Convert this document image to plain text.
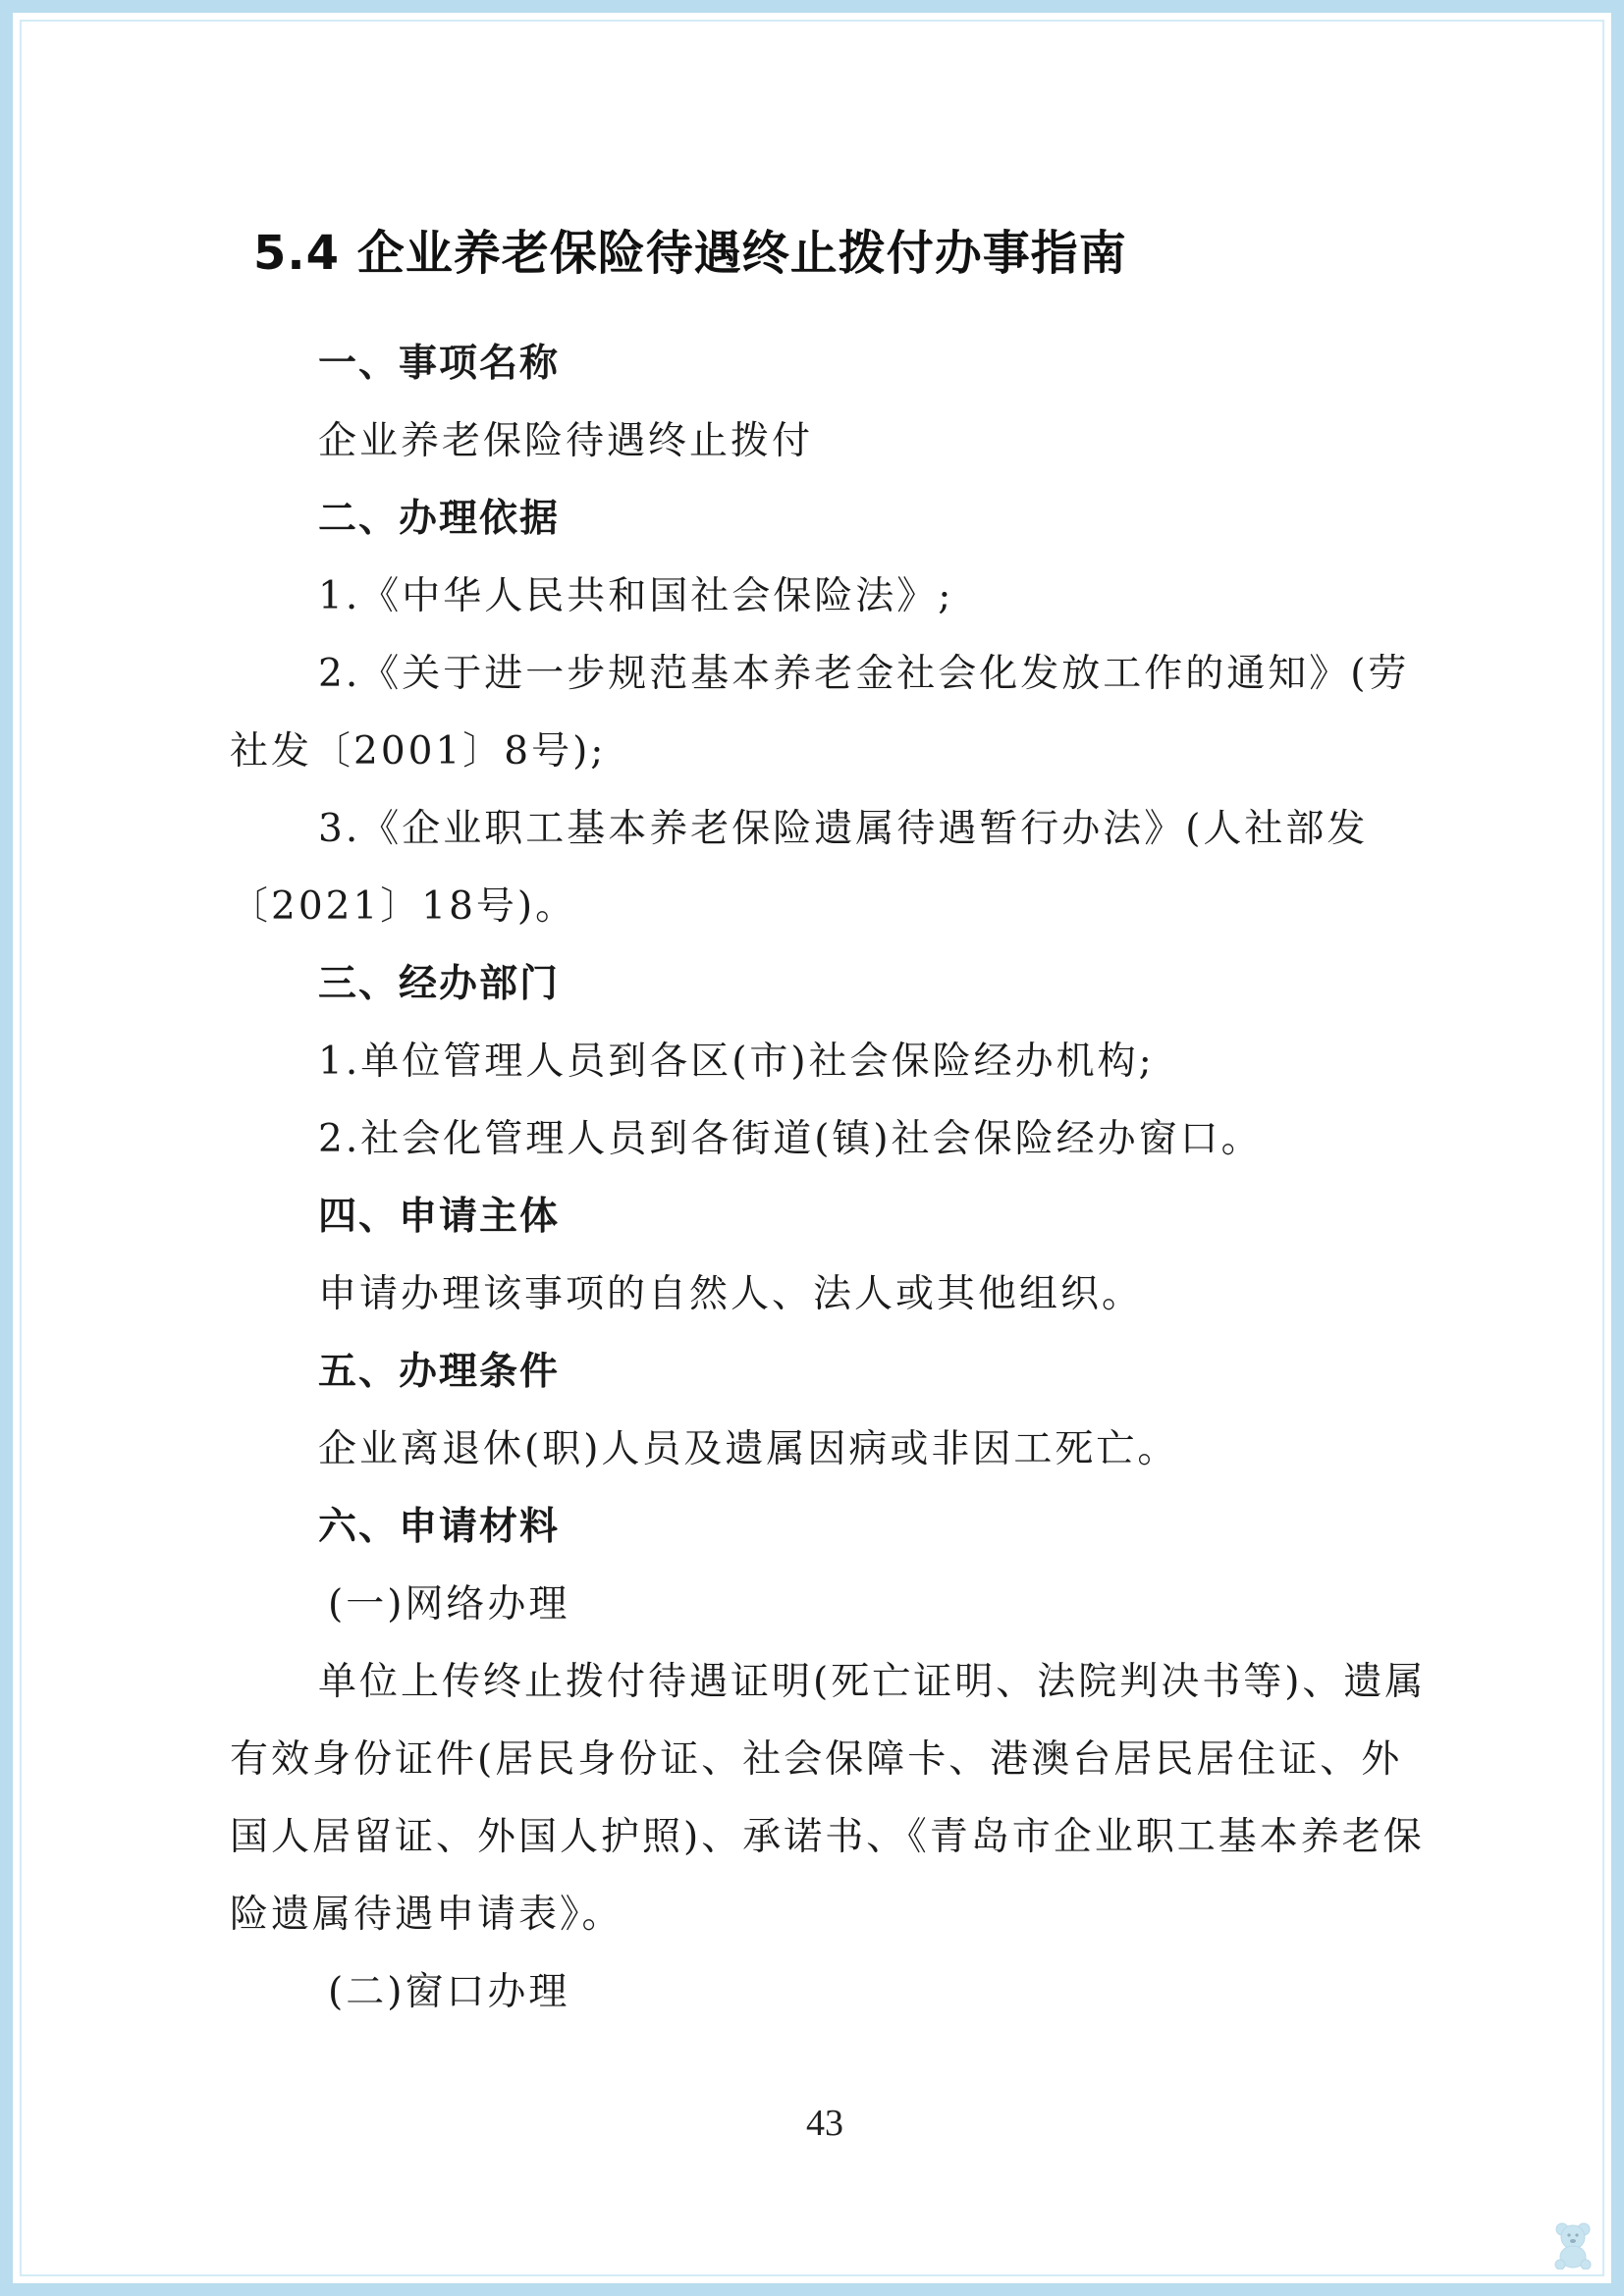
5.4 企业养老保险待遇终止拨付办事指南

一、事项名称

企业养老保险待遇终止拨付

二、办理依据

1.《中华人民共和国社会保险法》;

2.《关于进一步规范基本养老金社会化发放工作的通知》(劳社发〔2001〕8号);

3.《企业职工基本养老保险遗属待遇暂行办法》(人社部发〔2021〕18号)。

三、经办部门

1.单位管理人员到各区(市)社会保险经办机构;

2.社会化管理人员到各街道(镇)社会保险经办窗口。

四、申请主体

申请办理该事项的自然人、法人或其他组织。

五、办理条件

企业离退休(职)人员及遗属因病或非因工死亡。

六、申请材料

(一)网络办理

单位上传终止拨付待遇证明(死亡证明、法院判决书等)、遗属有效身份证件(居民身份证、社会保障卡、港澳台居民居住证、外国人居留证、外国人护照)、承诺书、《青岛市企业职工基本养老保险遗属待遇申请表》。

(二)窗口办理

43
